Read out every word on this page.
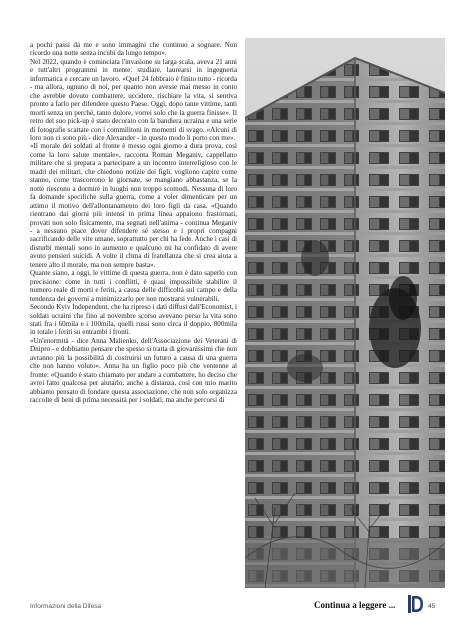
a pochi passi da me e sono immagini che continuo a sognare. Non ricordo una notte senza incubi da lungo tempo».

Nel 2022, quando è cominciata l'invasione su larga scala, aveva 21 anni e tutt'altri programmi in mente: studiare, laurearsi in ingegneria informatica e cercare un lavoro. «Quel 24 febbraio è finito tutto - ricorda - ma allora, ognuno di noi, per quanto non avesse mai messo in conto che avrebbe dovuto combattere, uccidere, rischiare la vita, si sentiva pronto a farlo per difendere questo Paese. Oggi, dopo tante vittime, tanti morti senza un perché, tanto dolore, vorrei solo che la guerra finisse». Il retro del suo pick-up è stato decorato con la bandiera ucraina e una serie di fotografie scattate con i commilitoni in momenti di svago. «Alcuni di loro non ci sono più - dice Alexander - in questo modo li porto con me».

«Il morale dei soldati al fronte è messo ogni giorno a dura prova, così come la loro salute mentale», racconta Roman Meganiv, cappellano militare che si prepara a partecipare a un incontro interreligioso con le madri dei militari, che chiedono notizie dei figli, vogliono capire come stanno, come trascorrono le giornate, se mangiano abbastanza, se la notte riescono a dormire in luoghi non troppo scomodi. Nessuna di loro fa domande specifiche sulla guerra, come a voler dimenticare per un attimo il motivo dell'allontanamento dei loro figli da casa. «Quando rientrano dai giorni più intensi in prima linea appaiono frastornati, provati non solo fisicamente, ma segnati nell'anima - continua Meganiv - a nessuno piace dover difendere sé stesso e i propri compagni sacrificando delle vite umane, soprattutto per chi ha fede. Anche i casi di disturbi mentali sono in aumento e qualcuno mi ha confidato di avere avuto pensieri suicidi. A volte il clima di fratellanza che si crea aiuta a tenere alto il morale, ma non sempre basta».

Quante siano, a oggi, le vittime di questa guerra, non è dato saperlo con precisione: come in tutti i conflitti, è quasi impossibile stabilire il numero reale di morti e feriti, a causa delle difficoltà sul campo e della tendenza dei governi a minimizzarlo per non mostrarsi vulnerabili.

Secondo Kyiv Independent, che ha ripreso i dati diffusi dall'Economist, i soldati ucraini che fino al novembre scorso avevano perso la vita sono stati fra i 60mila e i 100mila, quelli russi sono circa il doppio, 800mila in totale i feriti su entrambi i fronti.

«Un'enormità - dice Anna Malienko, dell'Associazione dei Veterani di Dnipro - e dobbiamo pensare che spesso si tratta di giovanissimi che non avranno più la possibilità di costruirsi un futuro a causa di una guerra che non hanno voluto». Anna ha un figlio poco più che ventenne al fronte: «Quando è stato chiamato per andare a combattere, ho deciso che avrei fatto qualcosa per aiutarlo, anche a distanza, così con mio marito abbiamo pensato di fondare questa associazione, che non solo organizza raccolte di beni di prima necessità per i soldati, ma anche percorsi di

Informazioni della Difesa	Continua a leggere ...	45
